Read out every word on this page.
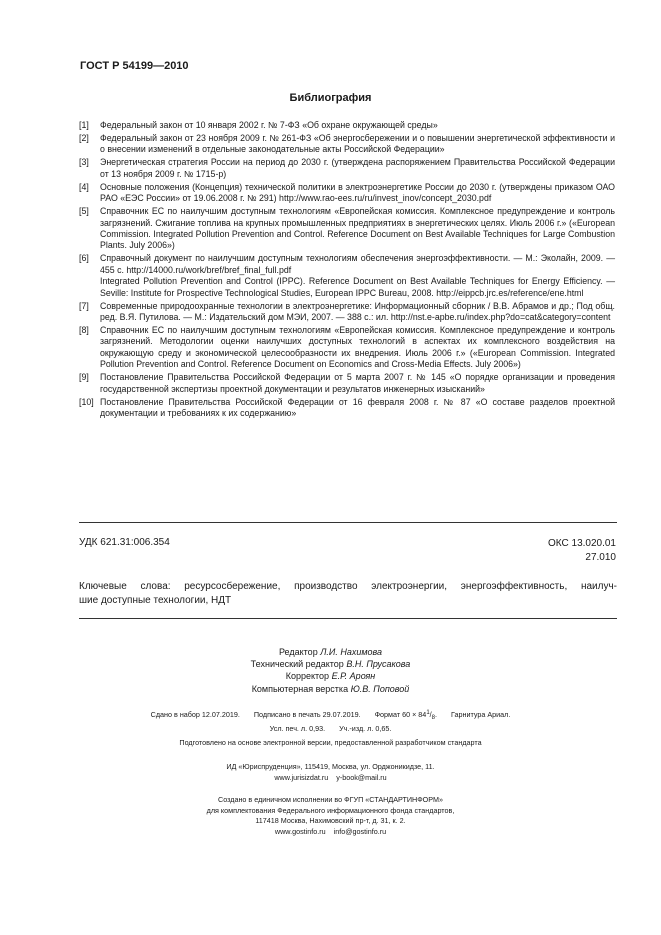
ГОСТ Р 54199—2010
Библиография
[1] Федеральный закон от 10 января 2002 г. № 7-ФЗ «Об охране окружающей среды»
[2] Федеральный закон от 23 ноября 2009 г. № 261-ФЗ «Об энергосбережении и о повышении энергетической эффективности и о внесении изменений в отдельные законодательные акты Российской Федерации»
[3] Энергетическая стратегия России на период до 2030 г. (утверждена распоряжением Правительства Российской Федерации от 13 ноября 2009 г. № 1715-р)
[4] Основные положения (Концепция) технической политики в электроэнергетике России до 2030 г. (утверждены приказом ОАО РАО «ЕЭС России» от 19.06.2008 г. № 291) http://www.rao-ees.ru/ru/invest_inov/concept_2030.pdf
[5] Справочник ЕС по наилучшим доступным технологиям «Европейская комиссия. Комплексное предупреждение и контроль загрязнений. Сжигание топлива на крупных промышленных предприятиях в энергетических целях. Июль 2006 г.» («European Commission. Integrated Pollution Prevention and Control. Reference Document on Best Available Techniques for Large Combustion Plants. July 2006»)
[6] Справочный документ по наилучшим доступным технологиям обеспечения энергоэффективности. — М.: Эколайн, 2009. — 455 с. http://14000.ru/work/bref/bref_final_full.pdf
Integrated Pollution Prevention and Control (IPPC). Reference Document on Best Available Techniques for Energy Efficiency. — Seville: Institute for Prospective Technological Studies, European IPPC Bureau, 2008. http://eippcb.jrc.es/reference/ene.html
[7] Современные природоохранные технологии в электроэнергетике: Информационный сборник / В.В. Абрамов и др.; Под общ. ред. В.Я. Путилова. — М.: Издательский дом МЭИ, 2007. — 388 с.: ил. http://nst.e-apbe.ru/index.php?do=cat&category=content
[8] Справочник ЕС по наилучшим доступным технологиям «Европейская комиссия. Комплексное предупреждение и контроль загрязнений. Методологии оценки наилучших доступных технологий в аспектах их комплексного воздействия на окружающую среду и экономической целесообразности их внедрения. Июль 2006 г.» («European Commission. Integrated Pollution Prevention and Control. Reference Document on Economics and Cross-Media Effects. July 2006»)
[9] Постановление Правительства Российской Федерации от 5 марта 2007 г. № 145 «О порядке организации и проведения государственной экспертизы проектной документации и результатов инженерных изысканий»
[10] Постановление Правительства Российской Федерации от 16 февраля 2008 г. № 87 «О составе разделов проектной документации и требованиях к их содержанию»
УДК 621.31:006.354	ОКС 13.020.01
27.010
Ключевые слова: ресурсосбережение, производство электроэнергии, энергоэффективность, наилуч-
шие доступные технологии, НДТ
Редактор Л.И. Нахимова
Технический редактор В.Н. Прусакова
Корректор Е.Р. Ароян
Компьютерная верстка Ю.В. Поповой
Сдано в набор 12.07.2019. Подписано в печать 29.07.2019. Формат $60 \times 84^1/_8$. Гарнитура Ариал.
Усл. печ. л. 0,93. Уч.-изд. л. 0,65.
Подготовлено на основе электронной версии, предоставленной разработчиком стандарта
ИД «Юриспруденция», 115419, Москва, ул. Орджоникидзе, 11.
www.jurisizdat.ru y-book@mail.ru
Создано в единичном исполнении во ФГУП «СТАНДАРТИНФОРМ»
для комплектования Федерального информационного фонда стандартов,
117418 Москва, Нахимовский пр-т, д. 31, к. 2.
www.gostinfo.ru info@gostinfo.ru
